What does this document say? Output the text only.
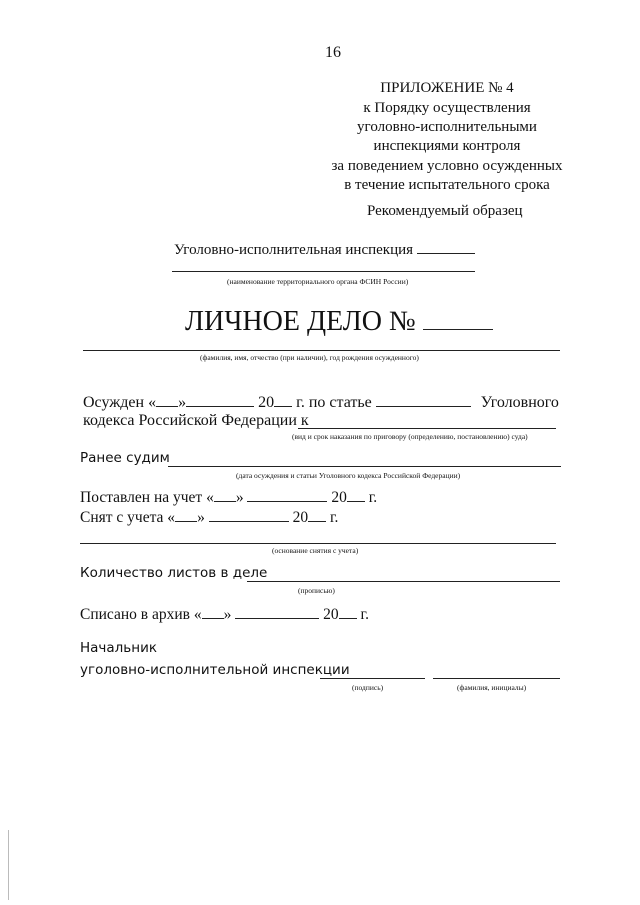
16
ПРИЛОЖЕНИЕ № 4
к Порядку осуществления
уголовно-исполнительными
инспекциями контроля
за поведением условно осужденных
в течение испытательного срока
Рекомендуемый образец
Уголовно-исполнительная инспекция
(наименование территориального органа ФСИН России)
ЛИЧНОЕ ДЕЛО №
(фамилия, имя, отчество (при наличии), год рождения осужденного)
Осужден « »	20 г. по статье	Уголовного
кодекса Российской Федерации к
(вид и срок наказания по приговору (определению, постановлению) суда)
Ранее судим
(дата осуждения и статьи Уголовного кодекса Российской Федерации)
Поставлен на учет « »	20 г.
Снят с учета « »	20 г.
(основание снятия с учета)
Количество листов в деле
(прописью)
Списано в архив « »	20 г.
Начальник
уголовно-исполнительной инспекции
(подпись)	(фамилия, инициалы)
